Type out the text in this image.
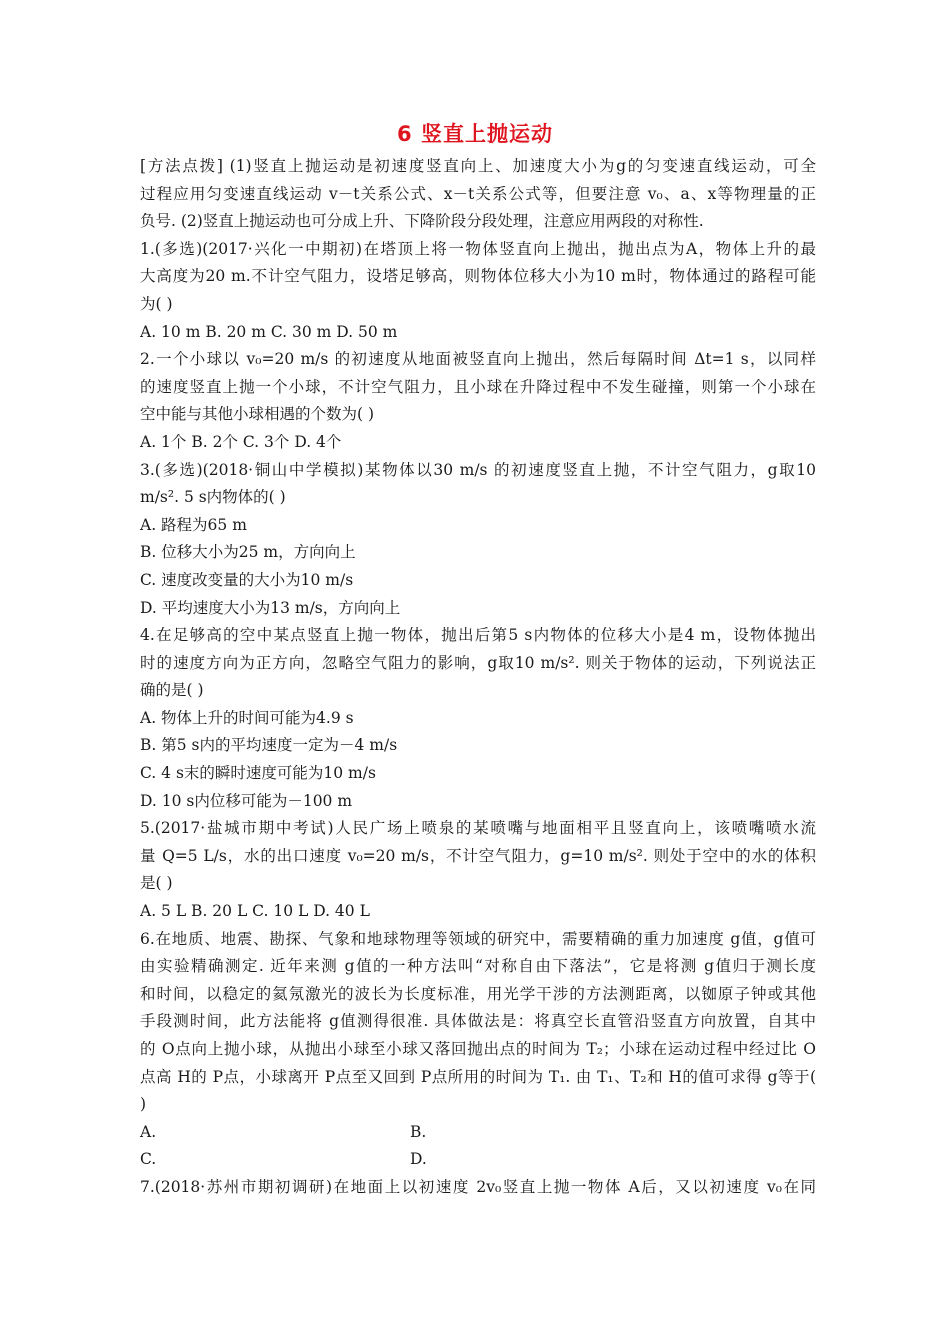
6 竖直上抛运动
[方法点拨] (1)竖直上抛运动是初速度竖直向上、加速度大小为g的匀变速直线运动，可全
过程应用匀变速直线运动 v－t关系公式、x－t关系公式等，但要注意 v₀、a、x等物理量的正
负号. (2)竖直上抛运动也可分成上升、下降阶段分段处理，注意应用两段的对称性.
1.(多选)(2017·兴化一中期初)在塔顶上将一物体竖直向上抛出，抛出点为A，物体上升的最
大高度为20 m.不计空气阻力，设塔足够高，则物体位移大小为10 m时，物体通过的路程可能
为( )
A. 10 m B. 20 m C. 30 m D. 50 m
2.一个小球以 v₀=20 m/s 的初速度从地面被竖直向上抛出，然后每隔时间 Δt=1 s，以同样
的速度竖直上抛一个小球，不计空气阻力，且小球在升降过程中不发生碰撞，则第一个小球在
空中能与其他小球相遇的个数为( )
A. 1个 B. 2个 C. 3个 D. 4个
3.(多选)(2018·铜山中学模拟)某物体以30 m/s 的初速度竖直上抛，不计空气阻力，g取10
m/s². 5 s内物体的( )
A. 路程为65 m
B. 位移大小为25 m，方向向上
C. 速度改变量的大小为10 m/s
D. 平均速度大小为13 m/s，方向向上
4.在足够高的空中某点竖直上抛一物体，抛出后第5 s内物体的位移大小是4 m，设物体抛出
时的速度方向为正方向，忽略空气阻力的影响，g取10 m/s². 则关于物体的运动，下列说法正
确的是( )
A. 物体上升的时间可能为4.9 s
B. 第5 s内的平均速度一定为－4 m/s
C. 4 s末的瞬时速度可能为10 m/s
D. 10 s内位移可能为－100 m
5.(2017·盐城市期中考试)人民广场上喷泉的某喷嘴与地面相平且竖直向上，该喷嘴喷水流
量 Q=5 L/s，水的出口速度 v₀=20 m/s，不计空气阻力，g=10 m/s². 则处于空中的水的体积
是( )
A. 5 L B. 20 L C. 10 L D. 40 L
6.在地质、地震、勘探、气象和地球物理等领域的研究中，需要精确的重力加速度 g值，g值可
由实验精确测定. 近年来测 g值的一种方法叫“对称自由下落法”，它是将测 g值归于测长度
和时间，以稳定的氦氖激光的波长为长度标准，用光学干涉的方法测距离，以铷原子钟或其他
手段测时间，此方法能将 g值测得很准. 具体做法是：将真空长直管沿竖直方向放置，自其中
的 O点向上抛小球，从抛出小球至小球又落回抛出点的时间为 T₂；小球在运动过程中经过比 O
点高 H的 P点，小球离开 P点至又回到 P点所用的时间为 T₁. 由 T₁、T₂和 H的值可求得 g等于(
)
A.	B.
C.	D.
7.(2018·苏州市期初调研)在地面上以初速度 2v₀竖直上抛一物体 A后，又以初速度 v₀在同
